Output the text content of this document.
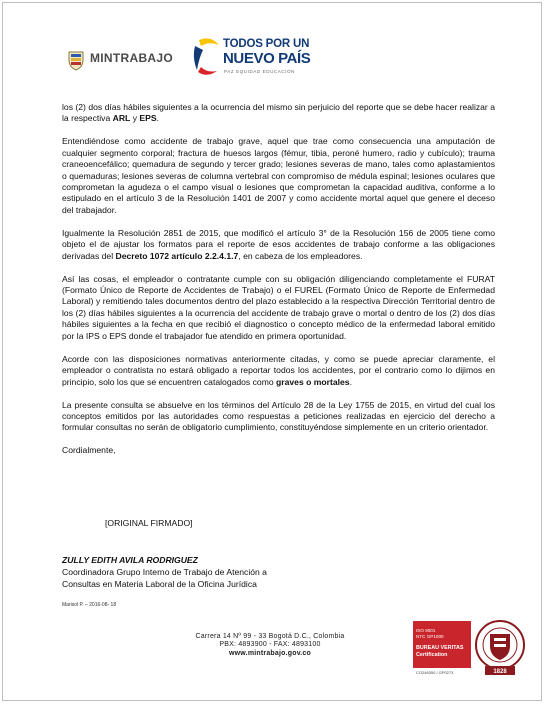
MINTRABAJO
TODOS POR UN
NUEVO PAÍS
PAZ EQUIDAD EDUCACIÓN

los (2) dos días hábiles siguientes a la ocurrencia del mismo sin perjuicio del reporte que se debe hacer realizar a la respectiva ARL y EPS.

Entendiéndose como accidente de trabajo grave, aquel que trae como consecuencia una amputación de cualquier segmento corporal; fractura de huesos largos (fémur, tibia, peroné humero, radio y cubículo); trauma craneoencefálico; quemadura de segundo y tercer grado; lesiones severas de mano, tales como aplastamientos o quemaduras; lesiones severas de columna vertebral con compromiso de médula espinal; lesiones oculares que comprometan la agudeza o el campo visual o lesiones que comprometan la capacidad auditiva, conforme a lo estipulado en el artículo 3 de la Resolución 1401 de 2007 y como accidente mortal aquel que genere el deceso del trabajador.

Igualmente la Resolución 2851 de 2015, que modificó el artículo 3° de la Resolución 156 de 2005 tiene como objeto el de ajustar los formatos para el reporte de esos accidentes de trabajo conforme a las obligaciones derivadas del Decreto 1072 artículo 2.2.4.1.7, en cabeza de los empleadores.

Así las cosas, el empleador o contratante cumple con su obligación diligenciando completamente el FURAT (Formato Único de Reporte de Accidentes de Trabajo) o el FUREL (Formato Único de Reporte de Enfermedad Laboral) y remitiendo tales documentos dentro del plazo establecido a la respectiva Dirección Territorial dentro de los (2) días hábiles siguientes a la ocurrencia del accidente de trabajo grave o mortal o dentro de los (2) dos días hábiles siguientes a la fecha en que recibió el diagnostico o concepto médico de la enfermedad laboral emitido por la IPS o EPS donde el trabajador fue atendido en primera oportunidad.

Acorde con las disposiciones normativas anteriormente citadas, y como se puede apreciar claramente, el empleador o contratista no estará obligado a reportar todos los accidentes, por el contrario como lo dijimos en principio, solo los que se encuentren catalogados como graves o mortales.

La presente consulta se absuelve en los términos del Artículo 28 de la Ley 1755 de 2015, en virtud del cual los conceptos emitidos por las autoridades como respuestas a peticiones realizadas en ejercicio del derecho a formular consultas no serán de obligatorio cumplimiento, constituyéndose simplemente en un criterio orientador.

Cordialmente,

[ORIGINAL FIRMADO]
ZULLY EDITH AVILA RODRIGUEZ
Coordinadora Grupo Interno de Trabajo de Atención a
Consultas en Materia Laboral de la Oficina Jurídica
Marisol P. – 2016-08- 18
Carrera 14 Nº 99 - 33 Bogotá D.C., Colombia
PBX: 4893900 - FAX: 4893100
www.mintrabajo.gov.co
ISO 9001
NTC GP1000
BUREAU VERITAS
Certification
CO246350 / GP0273	1828
